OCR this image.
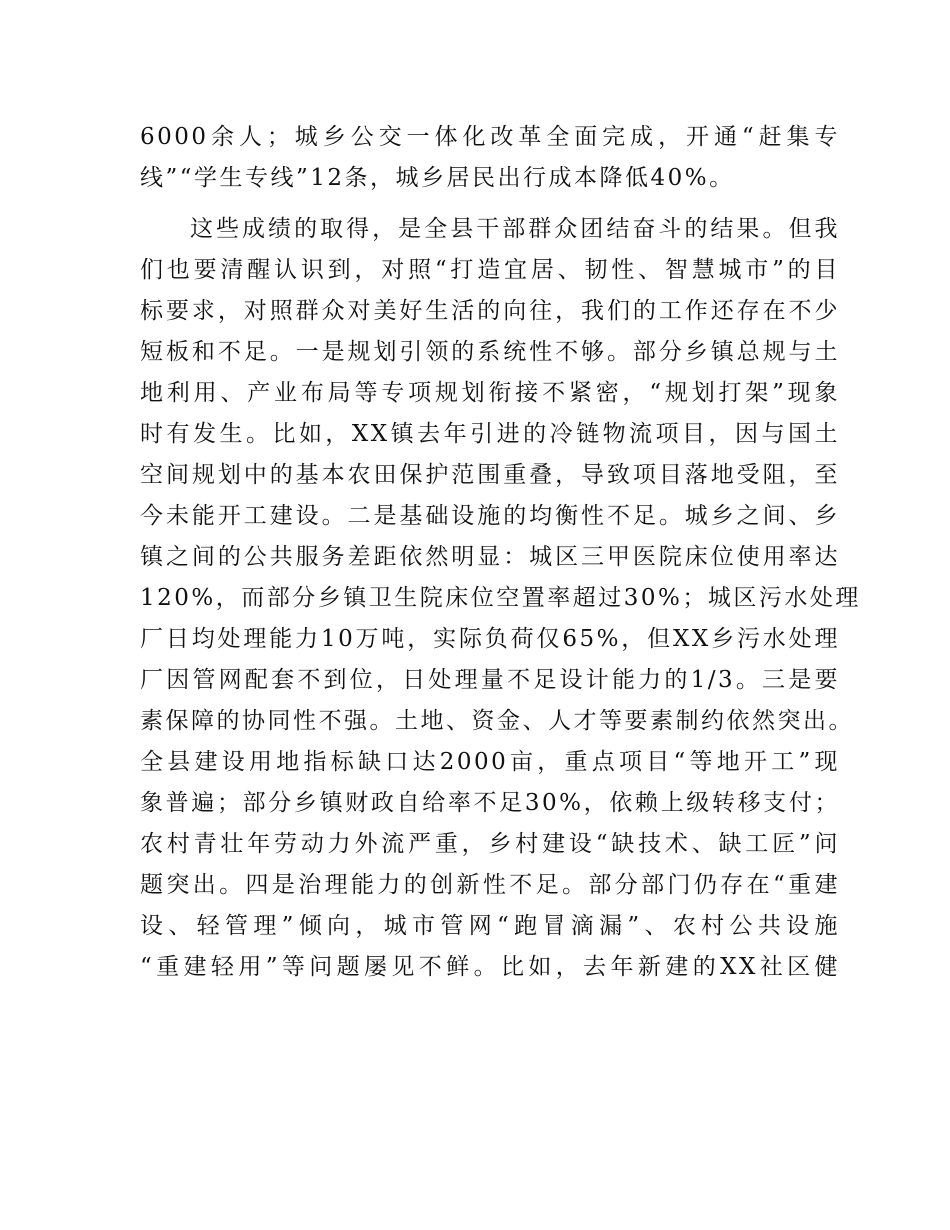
6000余人；城乡公交一体化改革全面完成，开通“赶集专
线”“学生专线”12条，城乡居民出行成本降低40%。
这些成绩的取得，是全县干部群众团结奋斗的结果。但我
们也要清醒认识到，对照“打造宜居、韧性、智慧城市”的目
标要求，对照群众对美好生活的向往，我们的工作还存在不少
短板和不足。一是规划引领的系统性不够。部分乡镇总规与土
地利用、产业布局等专项规划衔接不紧密，“规划打架”现象
时有发生。比如，XX镇去年引进的冷链物流项目，因与国土
空间规划中的基本农田保护范围重叠，导致项目落地受阻，至
今未能开工建设。二是基础设施的均衡性不足。城乡之间、乡
镇之间的公共服务差距依然明显：城区三甲医院床位使用率达
120%，而部分乡镇卫生院床位空置率超过30%；城区污水处理
厂日均处理能力10万吨，实际负荷仅65%，但XX乡污水处理
厂因管网配套不到位，日处理量不足设计能力的1/3。三是要
素保障的协同性不强。土地、资金、人才等要素制约依然突出。
全县建设用地指标缺口达2000亩，重点项目“等地开工”现
象普遍；部分乡镇财政自给率不足30%，依赖上级转移支付；
农村青壮年劳动力外流严重，乡村建设“缺技术、缺工匠”问
题突出。四是治理能力的创新性不足。部分部门仍存在“重建
设、轻管理”倾向，城市管网“跑冒滴漏”、农村公共设施
“重建轻用”等问题屡见不鲜。比如，去年新建的XX社区健
